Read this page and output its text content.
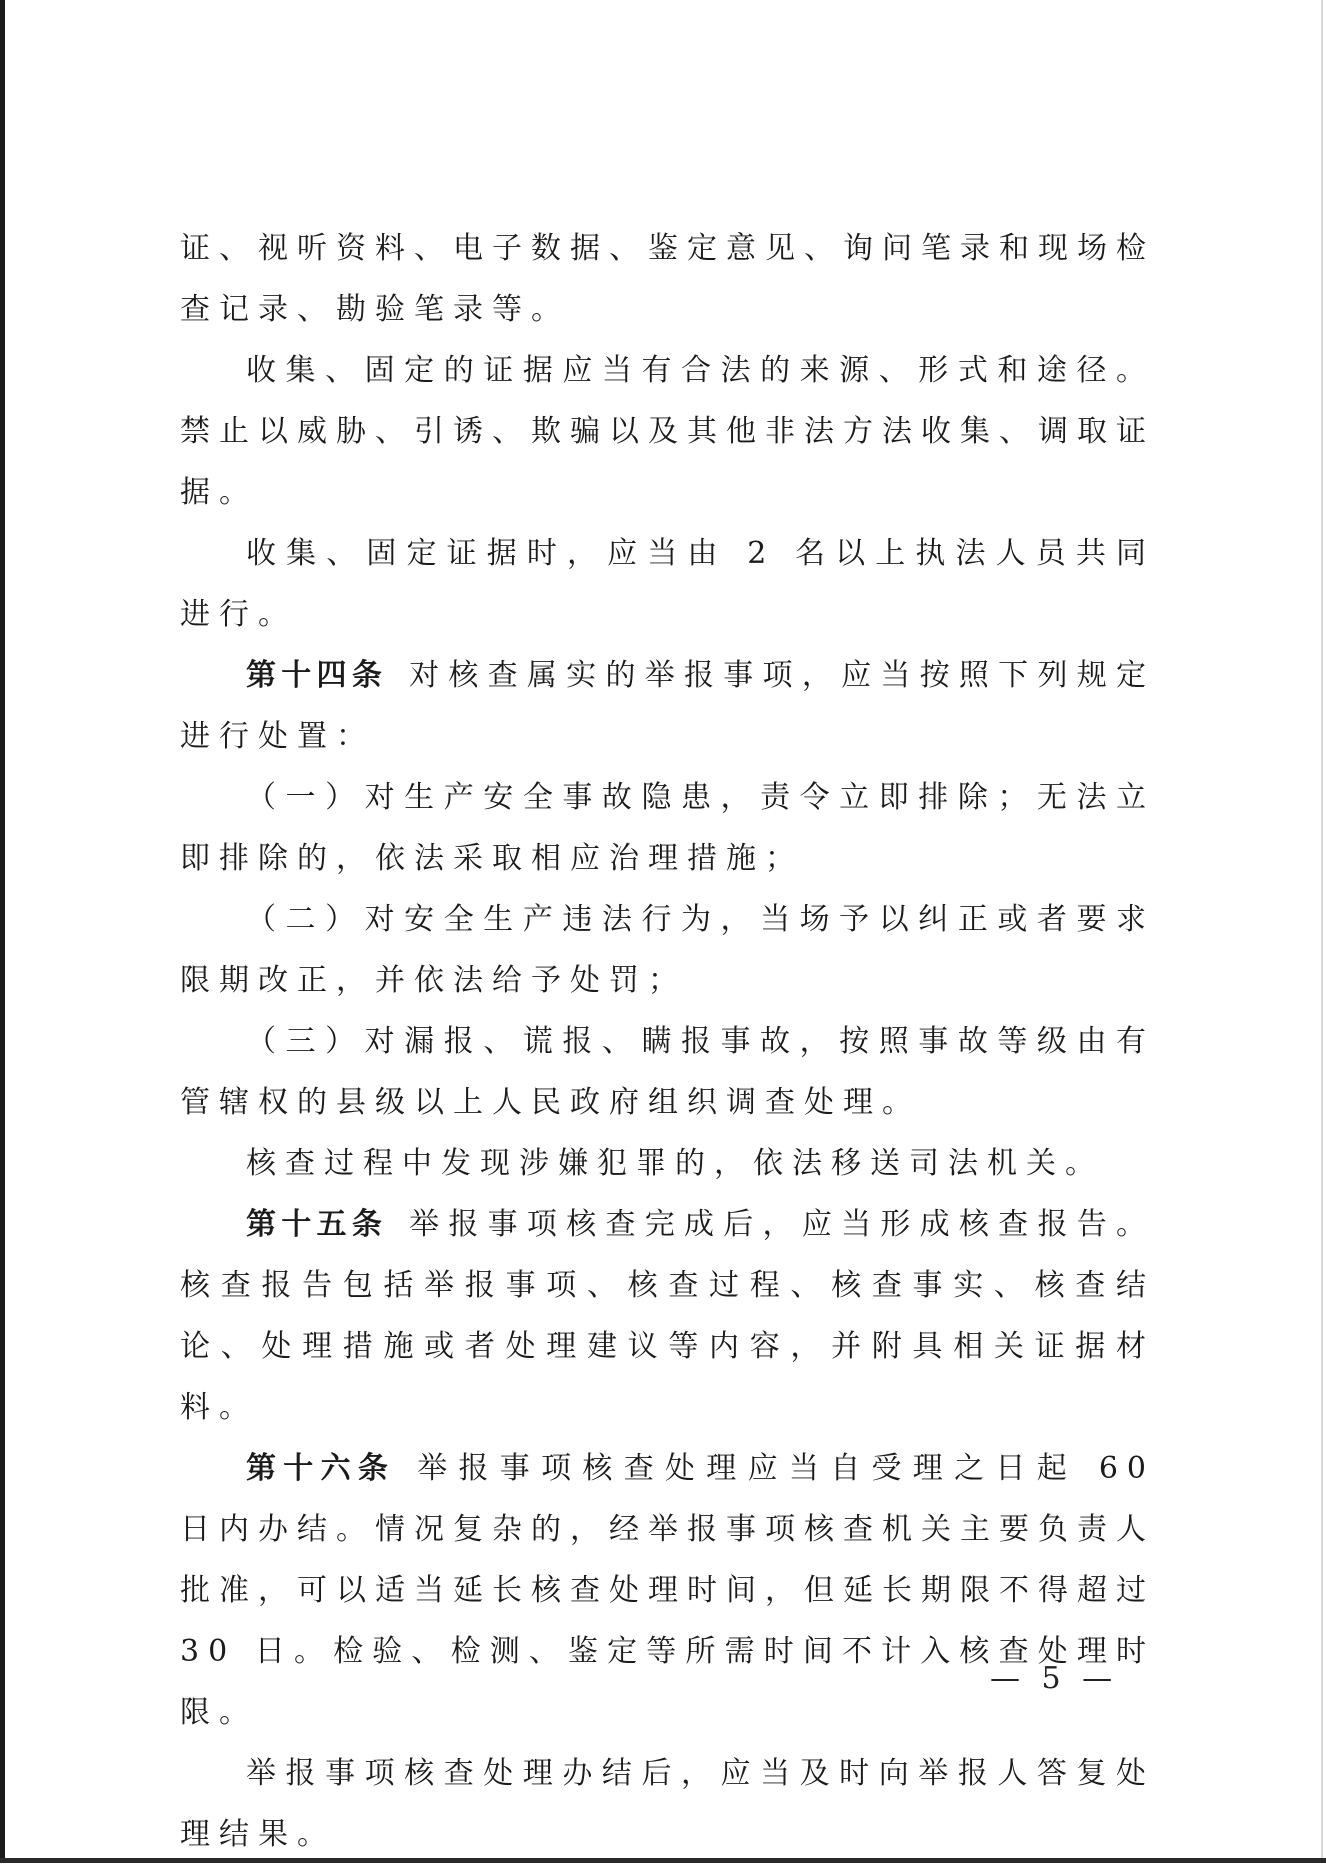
证、视听资料、电子数据、鉴定意见、询问笔录和现场检查记录、勘验笔录等。

收集、固定的证据应当有合法的来源、形式和途径。禁止以威胁、引诱、欺骗以及其他非法方法收集、调取证据。

收集、固定证据时，应当由 2 名以上执法人员共同进行。

第十四条 对核查属实的举报事项，应当按照下列规定进行处置：

（一）对生产安全事故隐患，责令立即排除；无法立即排除的，依法采取相应治理措施；

（二）对安全生产违法行为，当场予以纠正或者要求限期改正，并依法给予处罚；

（三）对漏报、谎报、瞒报事故，按照事故等级由有管辖权的县级以上人民政府组织调查处理。

核查过程中发现涉嫌犯罪的，依法移送司法机关。

第十五条 举报事项核查完成后，应当形成核查报告。核查报告包括举报事项、核查过程、核查事实、核查结论、处理措施或者处理建议等内容，并附具相关证据材料。

第十六条 举报事项核查处理应当自受理之日起 60 日内办结。情况复杂的，经举报事项核查机关主要负责人批准，可以适当延长核查处理时间，但延长期限不得超过 30 日。检验、检测、鉴定等所需时间不计入核查处理时限。

举报事项核查处理办结后，应当及时向举报人答复处理结果。

— 5 —
